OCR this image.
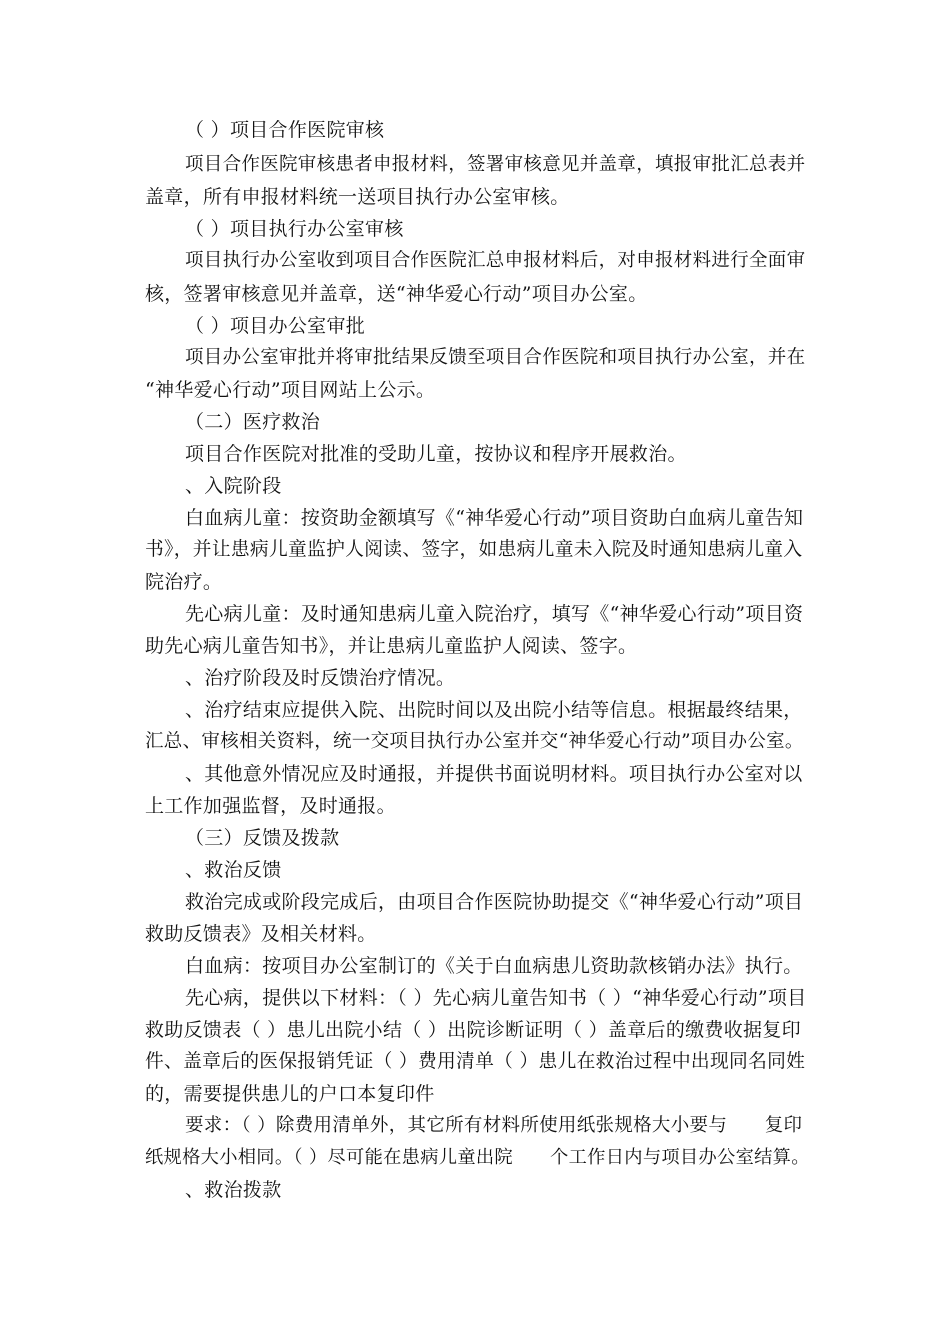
（ ）项目合作医院审核
项目合作医院审核患者申报材料，签署审核意见并盖章，填报审批汇总表并
盖章，所有申报材料统一送项目执行办公室审核。
（ ）项目执行办公室审核
项目执行办公室收到项目合作医院汇总申报材料后，对申报材料进行全面审
核，签署审核意见并盖章，送“神华爱心行动”项目办公室。
（ ）项目办公室审批
项目办公室审批并将审批结果反馈至项目合作医院和项目执行办公室，并在
“神华爱心行动”项目网站上公示。
（二）医疗救治
项目合作医院对批准的受助儿童，按协议和程序开展救治。
、入院阶段
白血病儿童：按资助金额填写《“神华爱心行动”项目资助白血病儿童告知
书》，并让患病儿童监护人阅读、签字，如患病儿童未入院及时通知患病儿童入
院治疗。
先心病儿童：及时通知患病儿童入院治疗，填写《“神华爱心行动”项目资
助先心病儿童告知书》，并让患病儿童监护人阅读、签字。
、治疗阶段及时反馈治疗情况。
、治疗结束应提供入院、出院时间以及出院小结等信息。根据最终结果，
汇总、审核相关资料，统一交项目执行办公室并交“神华爱心行动”项目办公室。
、其他意外情况应及时通报，并提供书面说明材料。项目执行办公室对以
上工作加强监督，及时通报。
（三）反馈及拨款
、救治反馈
救治完成或阶段完成后，由项目合作医院协助提交《“神华爱心行动”项目
救助反馈表》及相关材料。
白血病：按项目办公室制订的《关于白血病患儿资助款核销办法》执行。
先心病，提供以下材料：（ ）先心病儿童告知书（ ）“神华爱心行动”项目
救助反馈表（ ）患儿出院小结（ ）出院诊断证明（ ）盖章后的缴费收据复印
件、盖章后的医保报销凭证（ ）费用清单（ ）患儿在救治过程中出现同名同姓
的，需要提供患儿的户口本复印件
要求：（ ）除费用清单外，其它所有材料所使用纸张规格大小要与　　复印
纸规格大小相同。（ ）尽可能在患病儿童出院　　个工作日内与项目办公室结算。
、救治拨款
